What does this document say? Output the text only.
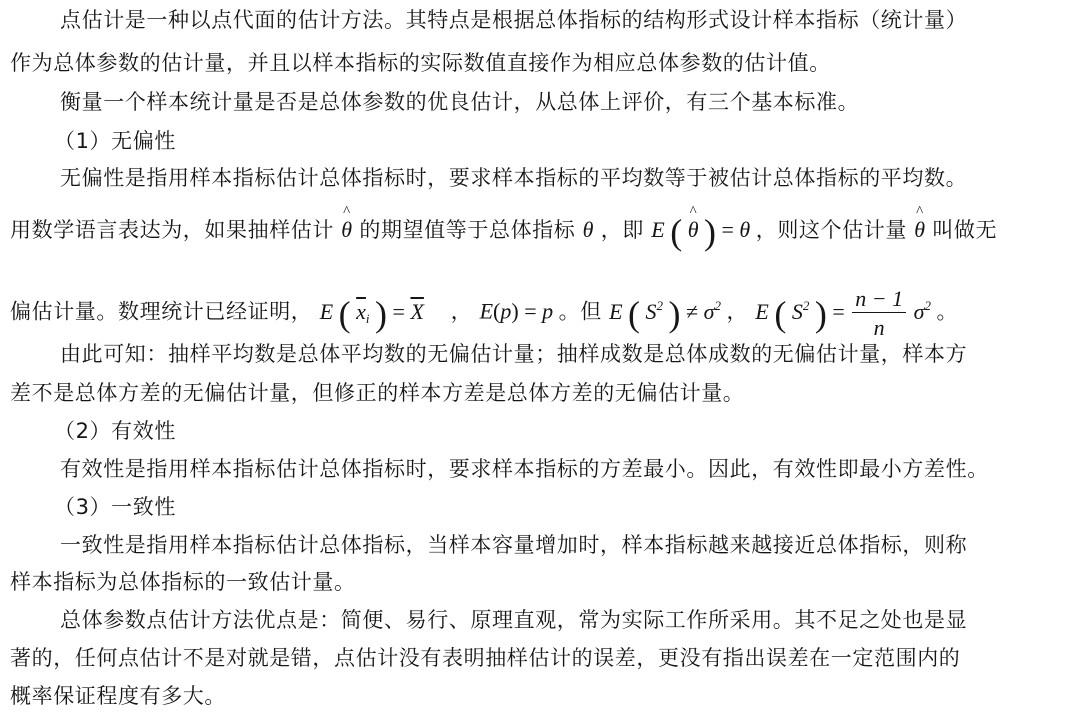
点估计是一种以点代面的估计方法。其特点是根据总体指标的结构形式设计样本指标（统计量）
作为总体参数的估计量，并且以样本指标的实际数值直接作为相应总体参数的估计值。
衡量一个样本统计量是否是总体参数的优良估计，从总体上评价，有三个基本标准。
（1）无偏性
无偏性是指用样本指标估计总体指标时，要求样本指标的平均数等于被估计总体指标的平均数。
用数学语言表达为，如果抽样估计 ^ θ 的期望值等于总体指标 θ ，即 E ( ^ θ ) = θ ，则这个估计量 ^ θ 叫做无
偏估计量。数理统计已经证明， E ( $\overline{x}_i$ ) = $\overline{X}$ ， E(p) = p 。但 E ( $S^2$ ) ≠ $\sigma^2$ ， E ( $S^2$ ) = $\frac{n - 1}{n} \sigma^2$ 。
由此可知：抽样平均数是总体平均数的无偏估计量；抽样成数是总体成数的无偏估计量，样本方
差不是总体方差的无偏估计量，但修正的样本方差是总体方差的无偏估计量。
（2）有效性
有效性是指用样本指标估计总体指标时，要求样本指标的方差最小。因此，有效性即最小方差性。
（3）一致性
一致性是指用样本指标估计总体指标，当样本容量增加时，样本指标越来越接近总体指标，则称
样本指标为总体指标的一致估计量。
总体参数点估计方法优点是：简便、易行、原理直观，常为实际工作所采用。其不足之处也是显
著的，任何点估计不是对就是错，点估计没有表明抽样估计的误差，更没有指出误差在一定范围内的
概率保证程度有多大。
